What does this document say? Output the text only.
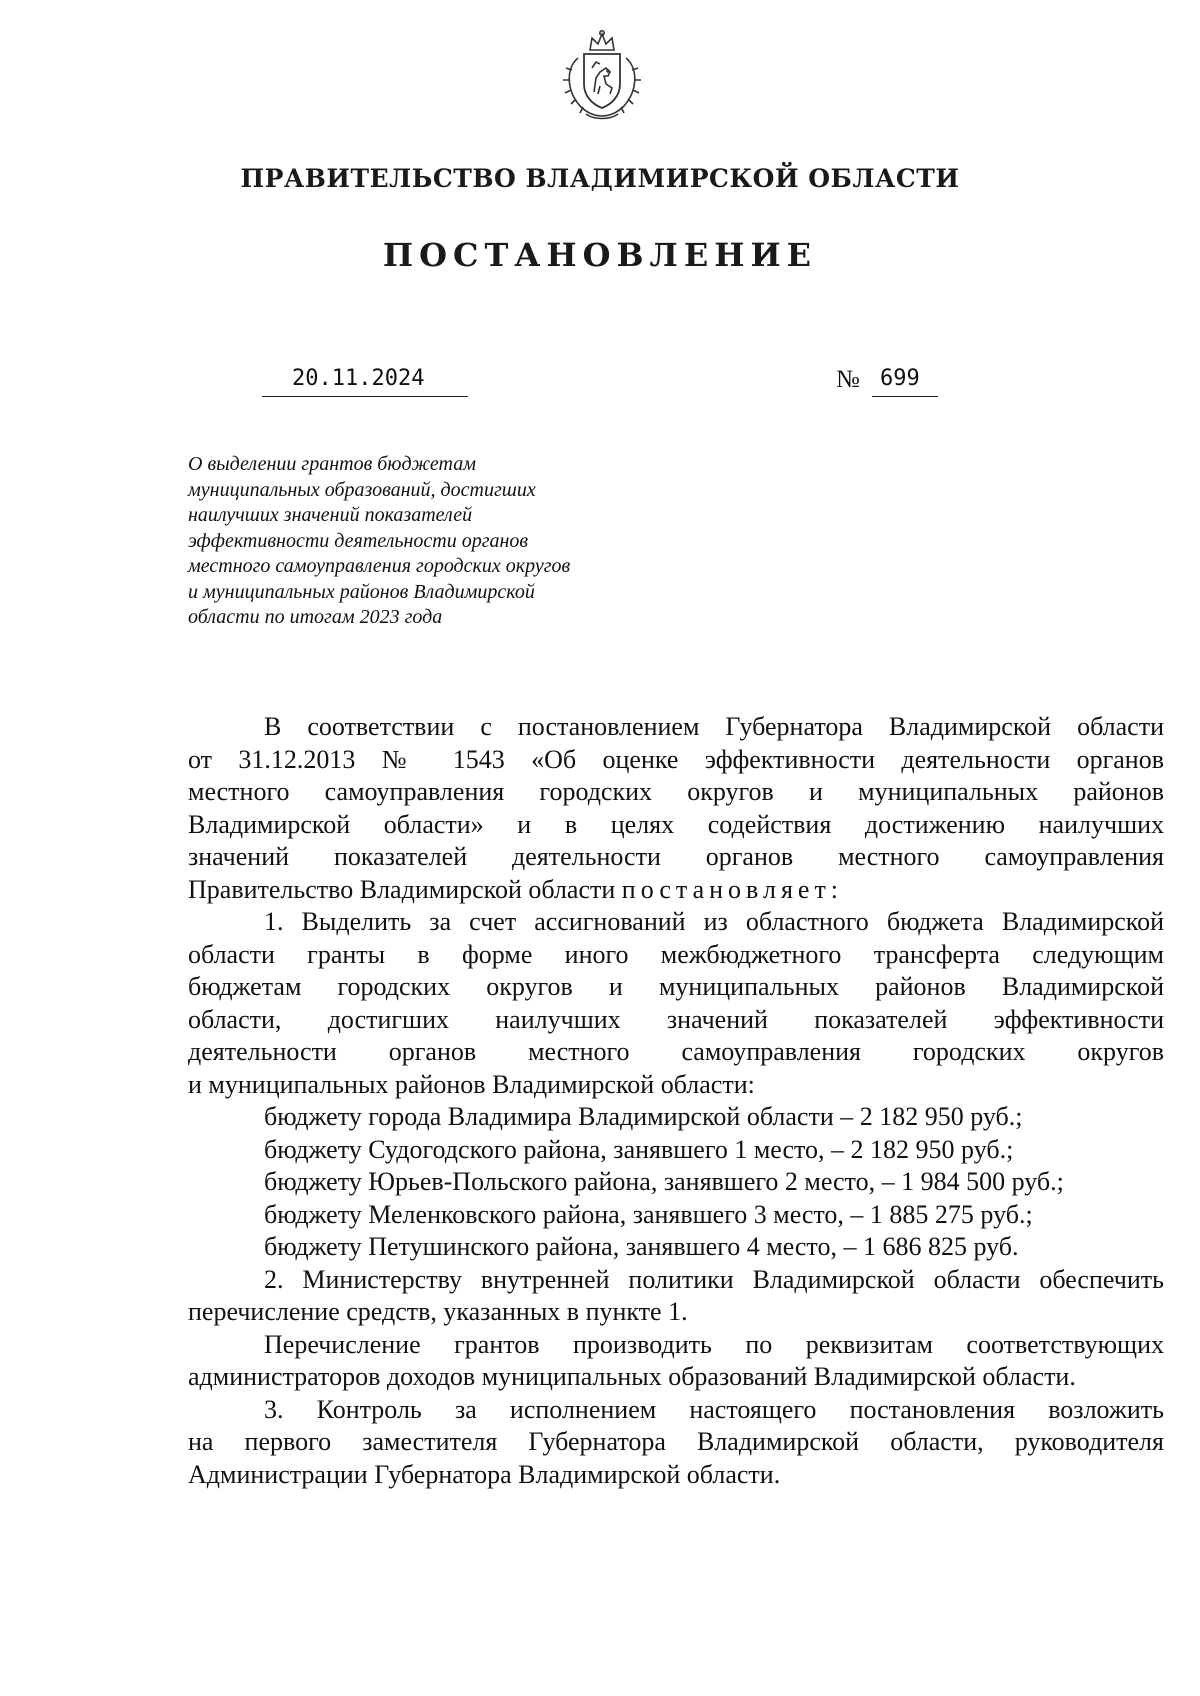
ПРАВИТЕЛЬСТВО ВЛАДИМИРСКОЙ ОБЛАСТИ
ПОСТАНОВЛЕНИЕ
20.11.2024	№ 699
О выделении грантов бюджетам
муниципальных образований, достигших
наилучших значений показателей
эффективности деятельности органов
местного самоуправления городских округов
и муниципальных районов Владимирской
области по итогам 2023 года
В соответствии с постановлением Губернатора Владимирской области
от 31.12.2013 № 1543 «Об оценке эффективности деятельности органов
местного самоуправления городских округов и муниципальных районов
Владимирской области» и в целях содействия достижению наилучших
значений показателей деятельности органов местного самоуправления
Правительство Владимирской области постановляет:
1. Выделить за счет ассигнований из областного бюджета Владимирской
области гранты в форме иного межбюджетного трансферта следующим
бюджетам городских округов и муниципальных районов Владимирской
области, достигших наилучших значений показателей эффективности
деятельности органов местного самоуправления городских округов
и муниципальных районов Владимирской области:
бюджету города Владимира Владимирской области – 2 182 950 руб.;
бюджету Судогодского района, занявшего 1 место, – 2 182 950 руб.;
бюджету Юрьев-Польского района, занявшего 2 место, – 1 984 500 руб.;
бюджету Меленковского района, занявшего 3 место, – 1 885 275 руб.;
бюджету Петушинского района, занявшего 4 место, – 1 686 825 руб.
2. Министерству внутренней политики Владимирской области обеспечить
перечисление средств, указанных в пункте 1.
Перечисление грантов производить по реквизитам соответствующих
администраторов доходов муниципальных образований Владимирской области.
3. Контроль за исполнением настоящего постановления возложить
на первого заместителя Губернатора Владимирской области, руководителя
Администрации Губернатора Владимирской области.
